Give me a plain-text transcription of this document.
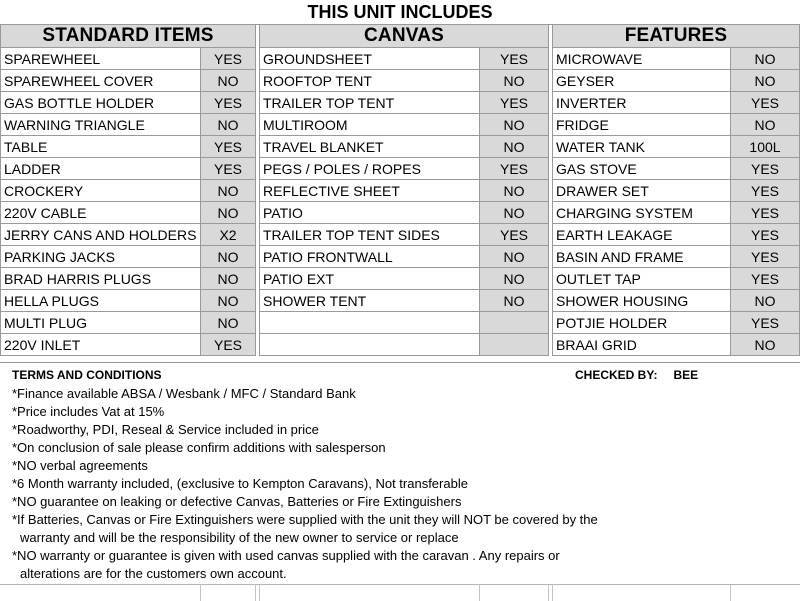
THIS UNIT INCLUDES
STANDARD ITEMS	
SPAREWHEEL	YES
SPAREWHEEL COVER	NO
GAS BOTTLE HOLDER	YES
WARNING TRIANGLE	NO
TABLE	YES
LADDER	YES
CROCKERY	NO
220V CABLE	NO
JERRY CANS AND HOLDERS	X2
PARKING JACKS	NO
BRAD HARRIS PLUGS	NO
HELLA PLUGS	NO
MULTI PLUG	NO
220V INLET	YES
CANVAS	
GROUNDSHEET	YES
ROOFTOP TENT	NO
TRAILER TOP TENT	YES
MULTIROOM	NO
TRAVEL BLANKET	NO
PEGS / POLES / ROPES	YES
REFLECTIVE SHEET	NO
PATIO	NO
TRAILER TOP TENT SIDES	YES
PATIO FRONTWALL	NO
PATIO EXT	NO
SHOWER TENT	NO

FEATURES	
MICROWAVE	NO
GEYSER	NO
INVERTER	YES
FRIDGE	NO
WATER TANK	100L
GAS STOVE	YES
DRAWER SET	YES
CHARGING SYSTEM	YES
EARTH LEAKAGE	YES
BASIN AND FRAME	YES
OUTLET TAP	YES
SHOWER HOUSING	NO
POTJIE HOLDER	YES
BRAAI GRID	NO
TERMS AND CONDITIONS	CHECKED BY: BEE
*Finance available ABSA / Wesbank / MFC / Standard Bank
*Price includes Vat at 15%
*Roadworthy, PDI, Reseal & Service included in price
*On conclusion of sale please confirm additions with salesperson
*NO verbal agreements
*6 Month warranty included, (exclusive to Kempton Caravans), Not transferable
*NO guarantee on leaking or defective Canvas, Batteries or Fire Extinguishers
*If Batteries, Canvas or Fire Extinguishers were supplied with the unit they will NOT be covered by the
warranty and will be the responsibility of the new owner to service or replace
*NO warranty or guarantee is given with used canvas supplied with the caravan . Any repairs or
alterations are for the customers own account.
